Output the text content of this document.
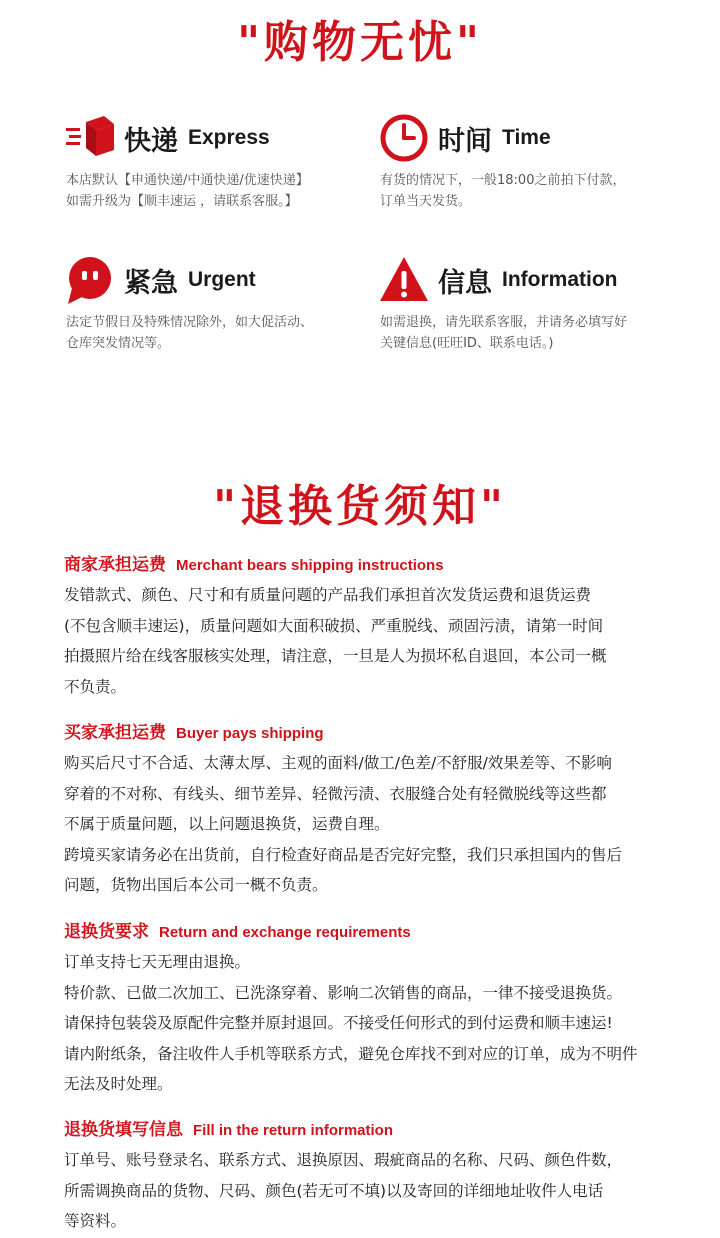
"购物无忧"
快递 Express
本店默认【申通快递/中通快递/优速快递】
如需升级为【顺丰速运 ，请联系客服。】
时间 Time
有货的情况下，一般18:00之前拍下付款，
订单当天发货。
紧急 Urgent
法定节假日及特殊情况除外，如大促活动、
仓库突发情况等。
信息 Information
如需退换，请先联系客服，并请务必填写好
关键信息(旺旺ID、联系电话。)
"退换货须知"
商家承担运费 Merchant bears shipping instructions

发错款式、颜色、尺寸和有质量问题的产品我们承担首次发货运费和退货运费

(不包含顺丰速运)，质量问题如大面积破损、严重脱线、顽固污渍，请第一时间

拍摄照片给在线客服核实处理，请注意，一旦是人为损坏私自退回，本公司一概

不负责。

买家承担运费 Buyer pays shipping

购买后尺寸不合适、太薄太厚、主观的面料/做工/色差/不舒服/效果差等、不影响

穿着的不对称、有线头、细节差异、轻微污渍、衣服缝合处有轻微脱线等这些都

不属于质量问题，以上问题退换货，运费自理。

跨境买家请务必在出货前，自行检查好商品是否完好完整，我们只承担国内的售后

问题，货物出国后本公司一概不负责。

退换货要求 Return and exchange requirements

订单支持七天无理由退换。

特价款、已做二次加工、已洗涤穿着、影响二次销售的商品，一律不接受退换货。

请保持包装袋及原配件完整并原封退回。不接受任何形式的到付运费和顺丰速运!

请内附纸条，备注收件人手机等联系方式，避免仓库找不到对应的订单，成为不明件

无法及时处理。

退换货填写信息 Fill in the return information

订单号、账号登录名、联系方式、退换原因、瑕疵商品的名称、尺码、颜色件数，

所需调换商品的货物、尺码、颜色(若无可不填)以及寄回的详细地址收件人电话

等资料。
